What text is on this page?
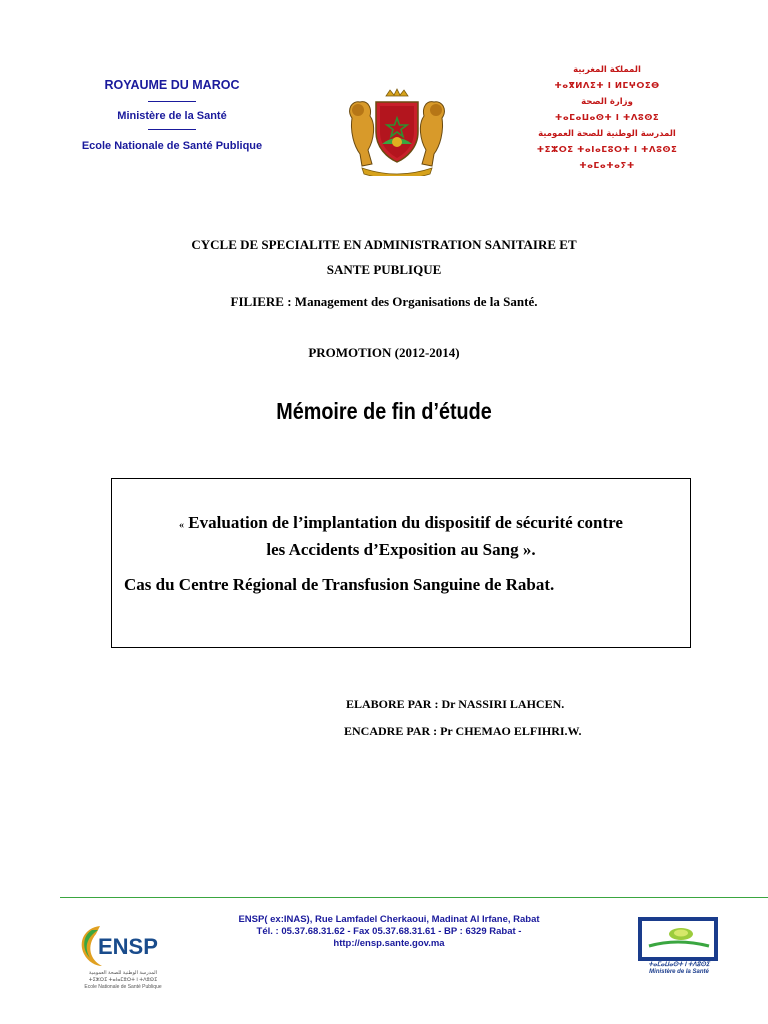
ROYAUME DU MAROC
Ministère de la Santé
Ecole Nationale de Santé Publique
المملكة المغربية
ⵜⴰⴳⵍⴷⵉⵜ ⵏ ⵍⵎⵖⵔⵉⴱ
وزارة الصحة
ⵜⴰⵎⴰⵡⴰⵙⵜ ⵏ ⵜⴷⵓⵙⵉ
المدرسة الوطنية للصحة العمومية
ⵜⵉⵣⵔⵉ ⵜⴰⵏⴰⵎⵓⵔⵜ ⵏ ⵜⴷⵓⵙⵉ ⵜⴰⵎⴰⵜⴰⵢⵜ
CYCLE DE SPECIALITE EN ADMINISTRATION SANITAIRE ET
SANTE PUBLIQUE
FILIERE : Management des Organisations de la Santé.
PROMOTION (2012-2014)
Mémoire de fin d’étude
« Evaluation de l’implantation du dispositif de sécurité contre
les Accidents d’Exposition au Sang ».
Cas du Centre Régional de Transfusion Sanguine de Rabat.
ELABORE PAR : Dr NASSIRI LAHCEN.
ENCADRE PAR : Pr CHEMAO ELFIHRI.W.
ENSP
المدرسة الوطنية للصحة العمومية
ⵜⵉⵣⵔⵉ ⵜⴰⵏⴰⵎⵓⵔⵜ ⵏ ⵜⴷⵓⵙⵉ
Ecole Nationale de Santé Publique
ENSP( ex:INAS), Rue Lamfadel Cherkaoui, Madinat Al Irfane, Rabat
Tél. : 05.37.68.31.62 - Fax 05.37.68.31.61 - BP : 6329 Rabat -
http://ensp.sante.gov.ma
ⵜⴰⵎⴰⵡⴰⵙⵜ ⵏ ⵜⴷⵓⵙⵉ
Ministère de la Santé
